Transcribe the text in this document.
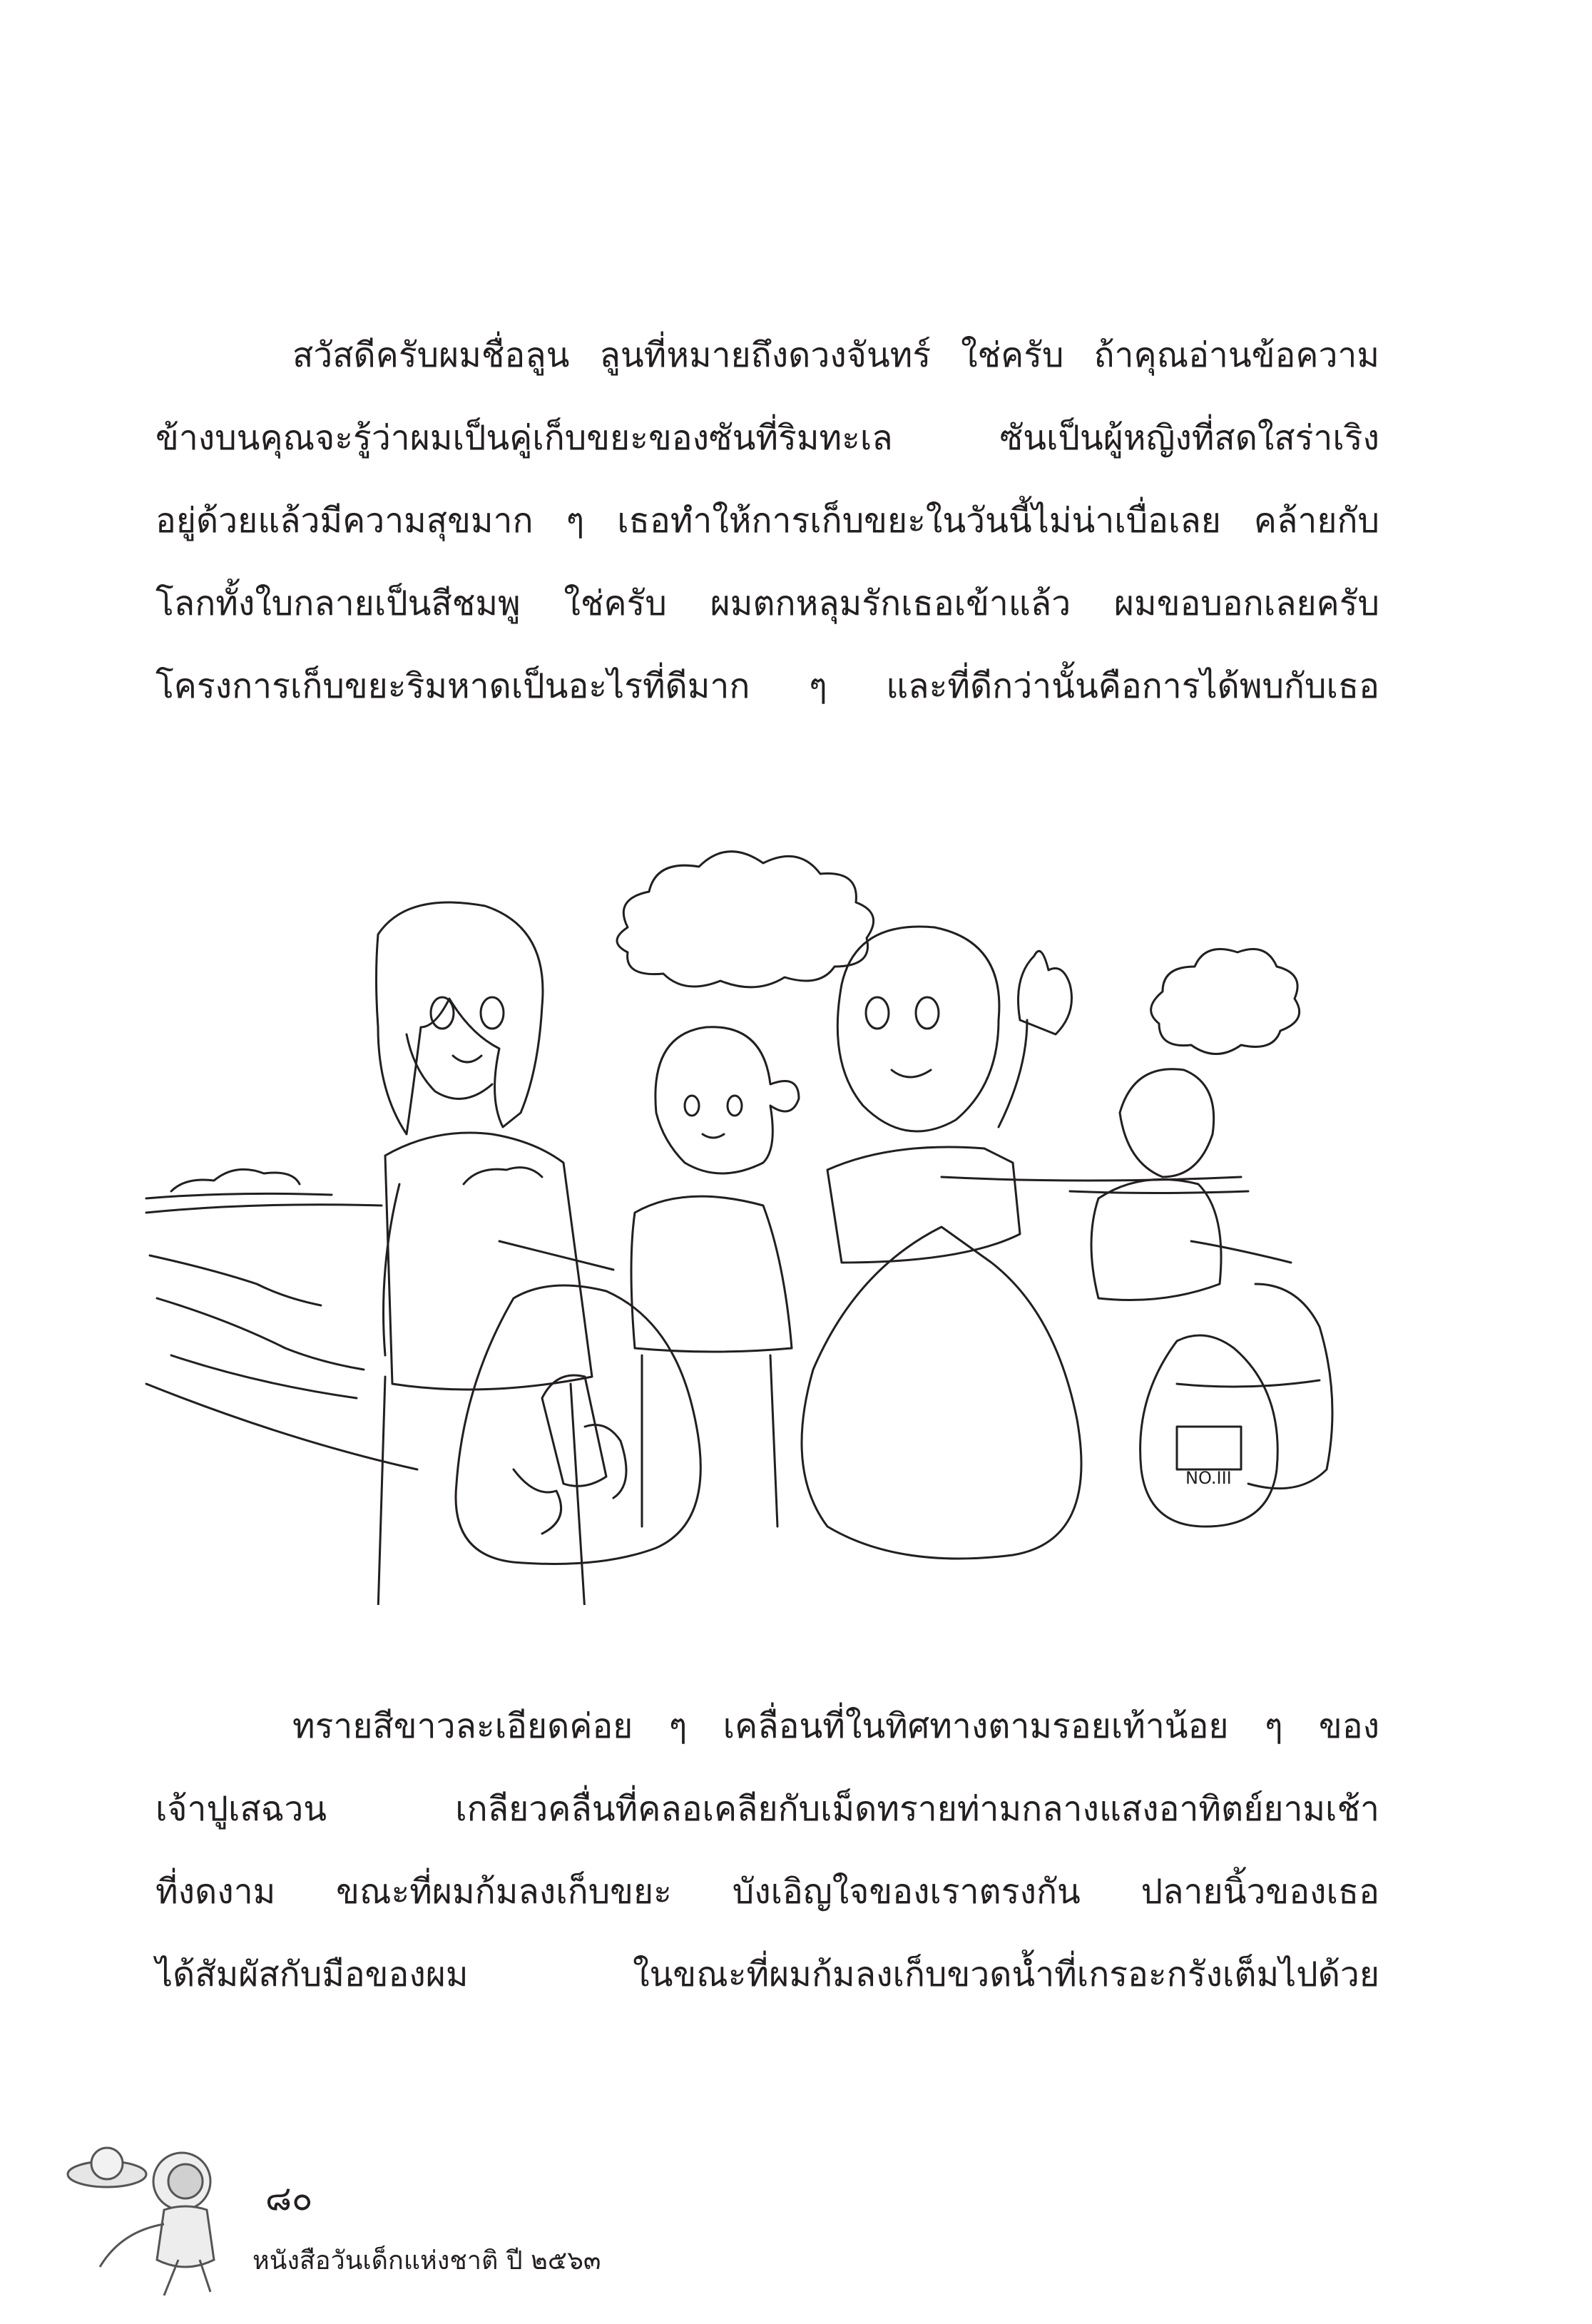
สวัสดีครับผมชื่อลูน ลูนที่หมายถึงดวงจันทร์ ใช่ครับ ถ้าคุณอ่านข้อความ
ข้างบนคุณจะรู้ว่าผมเป็นคู่เก็บขยะของซันที่ริมทะเล ซันเป็นผู้หญิงที่สดใสร่าเริง
อยู่ด้วยแล้วมีความสุขมาก ๆ เธอทำให้การเก็บขยะในวันนี้ไม่น่าเบื่อเลย คล้ายกับ
โลกทั้งใบกลายเป็นสีชมพู ใช่ครับ ผมตกหลุมรักเธอเข้าแล้ว ผมขอบอกเลยครับ
โครงการเก็บขยะริมหาดเป็นอะไรที่ดีมาก ๆ และที่ดีกว่านั้นคือการได้พบกับเธอ
NO.III
ทรายสีขาวละเอียดค่อย ๆ เคลื่อนที่ในทิศทางตามรอยเท้าน้อย ๆ ของ
เจ้าปูเสฉวน เกลียวคลื่นที่คลอเคลียกับเม็ดทรายท่ามกลางแสงอาทิตย์ยามเช้า
ที่งดงาม ขณะที่ผมก้มลงเก็บขยะ บังเอิญใจของเราตรงกัน ปลายนิ้วของเธอ
ได้สัมผัสกับมือของผม ในขณะที่ผมก้มลงเก็บขวดน้ำที่เกรอะกรังเต็มไปด้วย
๘๐
หนังสือวันเด็กแห่งชาติ ปี ๒๕๖๓
